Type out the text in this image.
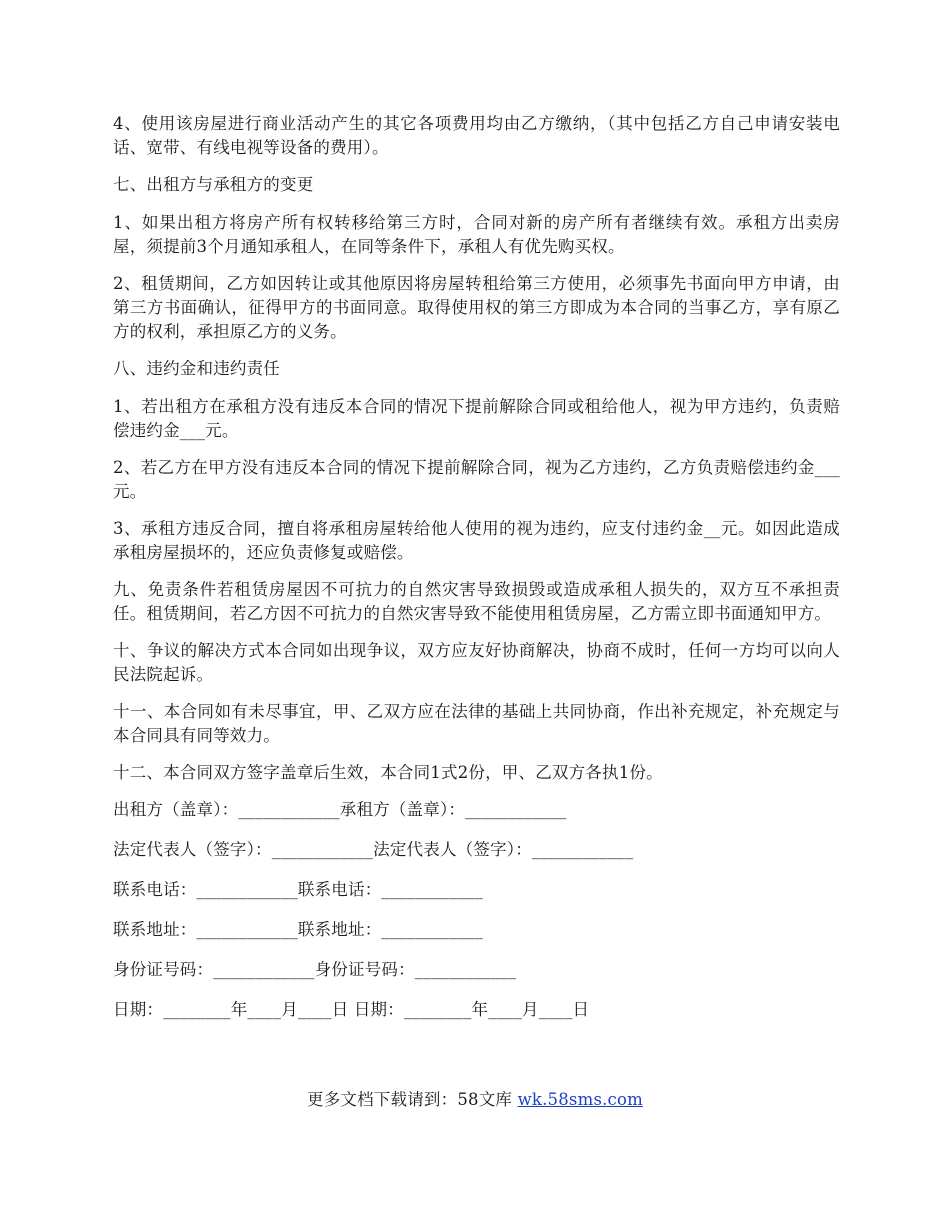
4、使用该房屋进行商业活动产生的其它各项费用均由乙方缴纳，（其中包括乙方自己申请安装电话、宽带、有线电视等设备的费用）。

七、出租方与承租方的变更

1、如果出租方将房产所有权转移给第三方时，合同对新的房产所有者继续有效。承租方出卖房屋，须提前3个月通知承租人，在同等条件下，承租人有优先购买权。

2、租赁期间，乙方如因转让或其他原因将房屋转租给第三方使用，必须事先书面向甲方申请，由第三方书面确认，征得甲方的书面同意。取得使用权的第三方即成为本合同的当事乙方，享有原乙方的权利，承担原乙方的义务。

八、违约金和违约责任

1、若出租方在承租方没有违反本合同的情况下提前解除合同或租给他人，视为甲方违约，负责赔偿违约金___元。

2、若乙方在甲方没有违反本合同的情况下提前解除合同，视为乙方违约，乙方负责赔偿违约金___元。

3、承租方违反合同，擅自将承租房屋转给他人使用的视为违约，应支付违约金__元。如因此造成承租房屋损坏的，还应负责修复或赔偿。

九、免责条件若租赁房屋因不可抗力的自然灾害导致损毁或造成承租人损失的，双方互不承担责任。租赁期间，若乙方因不可抗力的自然灾害导致不能使用租赁房屋，乙方需立即书面通知甲方。

十、争议的解决方式本合同如出现争议，双方应友好协商解决，协商不成时，任何一方均可以向人民法院起诉。

十一、本合同如有未尽事宜，甲、乙双方应在法律的基础上共同协商，作出补充规定，补充规定与本合同具有同等效力。

十二、本合同双方签字盖章后生效，本合同1式2份，甲、乙双方各执1份。

出租方（盖章）：____________承租方（盖章）：____________
法定代表人（签字）：____________法定代表人（签字）：____________
联系电话：____________联系电话：____________
联系地址：____________联系地址：____________
身份证号码：____________身份证号码：____________
日期：________年____月____日 日期：________年____月____日
更多文档下载请到：58文库 wk.58sms.com
